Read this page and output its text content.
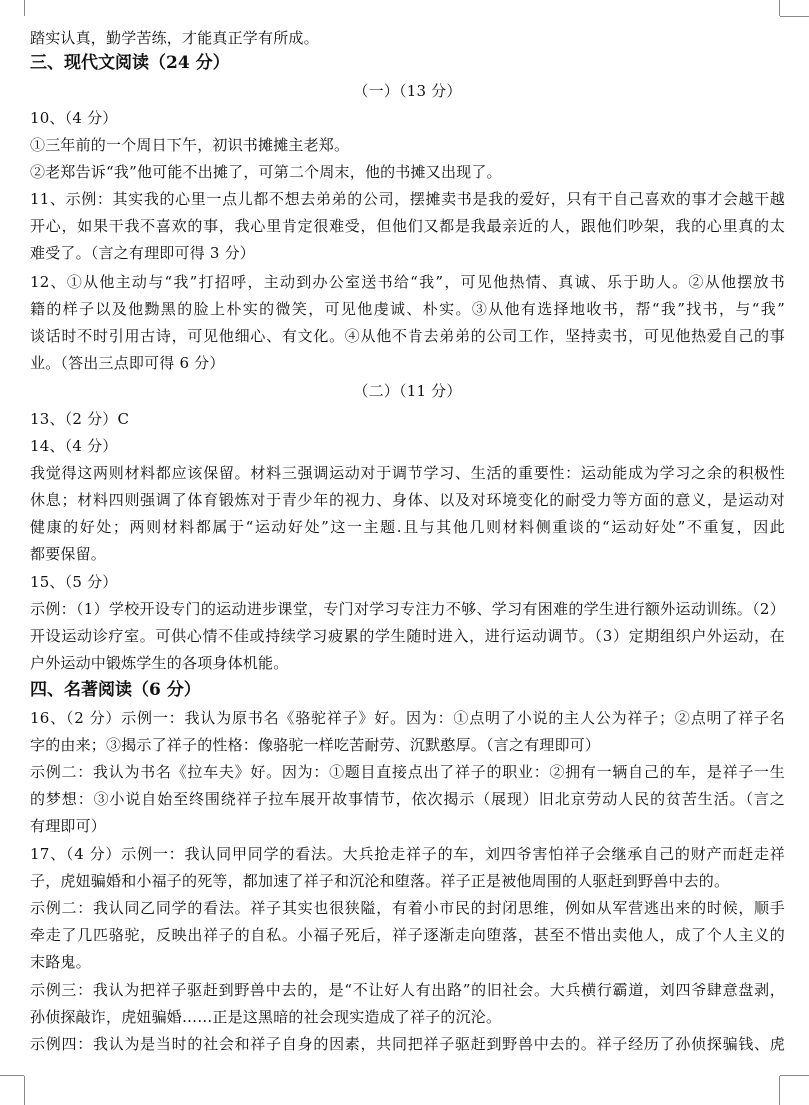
踏实认真，勤学苦练，才能真正学有所成。
三、现代文阅读（24 分）
（一）（13 分）
10、（4 分）
①三年前的一个周日下午，初识书摊摊主老郑。
②老郑告诉“我”他可能不出摊了，可第二个周末，他的书摊又出现了。
11、示例：其实我的心里一点儿都不想去弟弟的公司，摆摊卖书是我的爱好，只有干自己喜欢的事才会越干越
开心，如果干我不喜欢的事，我心里肯定很难受，但他们又都是我最亲近的人，跟他们吵架，我的心里真的太
难受了。（言之有理即可得 3 分）
12、①从他主动与“我”打招呼，主动到办公室送书给“我”，可见他热情、真诚、乐于助人。②从他摆放书
籍的样子以及他黝黑的脸上朴实的微笑，可见他虔诚、朴实。③从他有选择地收书，帮“我”找书，与“我”
谈话时不时引用古诗，可见他细心、有文化。④从他不肯去弟弟的公司工作，坚持卖书，可见他热爱自己的事
业。（答出三点即可得 6 分）
（二）（11 分）
13、（2 分）C
14、（4 分）
我觉得这两则材料都应该保留。材料三强调运动对于调节学习、生活的重要性：运动能成为学习之余的积极性
休息；材料四则强调了体育锻炼对于青少年的视力、身体、以及对环境变化的耐受力等方面的意义，是运动对
健康的好处；两则材料都属于“运动好处”这一主题.且与其他几则材料侧重谈的“运动好处”不重复，因此
都要保留。
15、（5 分）
示例：（1）学校开设专门的运动进步课堂，专门对学习专注力不够、学习有困难的学生进行额外运动训练。（2）
开设运动诊疗室。可供心情不佳或持续学习疲累的学生随时进入，进行运动调节。（3）定期组织户外运动，在
户外运动中锻炼学生的各项身体机能。
四、名著阅读（6 分）
16、（2 分）示例一：我认为原书名《骆驼祥子》好。因为：①点明了小说的主人公为祥子；②点明了祥子名
字的由来；③揭示了祥子的性格：像骆驼一样吃苦耐劳、沉默憨厚。（言之有理即可）
示例二：我认为书名《拉车夫》好。因为：①题目直接点出了祥子的职业：②拥有一辆自己的车，是祥子一生
的梦想：③小说自始至终围绕祥子拉车展开故事情节，依次揭示（展现）旧北京劳动人民的贫苦生活。（言之
有理即可）
17、（4 分）示例一：我认同甲同学的看法。大兵抢走祥子的车，刘四爷害怕祥子会继承自己的财产而赶走祥
子，虎妞骗婚和小福子的死等，都加速了祥子和沉沦和堕落。祥子正是被他周围的人驱赶到野兽中去的。
示例二：我认同乙同学的看法。祥子其实也很狭隘，有着小市民的封闭思维，例如从军营逃出来的时候，顺手
牵走了几匹骆驼，反映出祥子的自私。小福子死后，祥子逐渐走向堕落，甚至不惜出卖他人，成了个人主义的
末路鬼。
示例三：我认为把祥子驱赶到野兽中去的，是“不让好人有出路”的旧社会。大兵横行霸道，刘四爷肆意盘剥，
孙侦探敲诈，虎妞骗婚……正是这黑暗的社会现实造成了祥子的沉沦。
示例四：我认为是当时的社会和祥子自身的因素，共同把祥子驱赶到野兽中去的。祥子经历了孙侦探骗钱、虎
